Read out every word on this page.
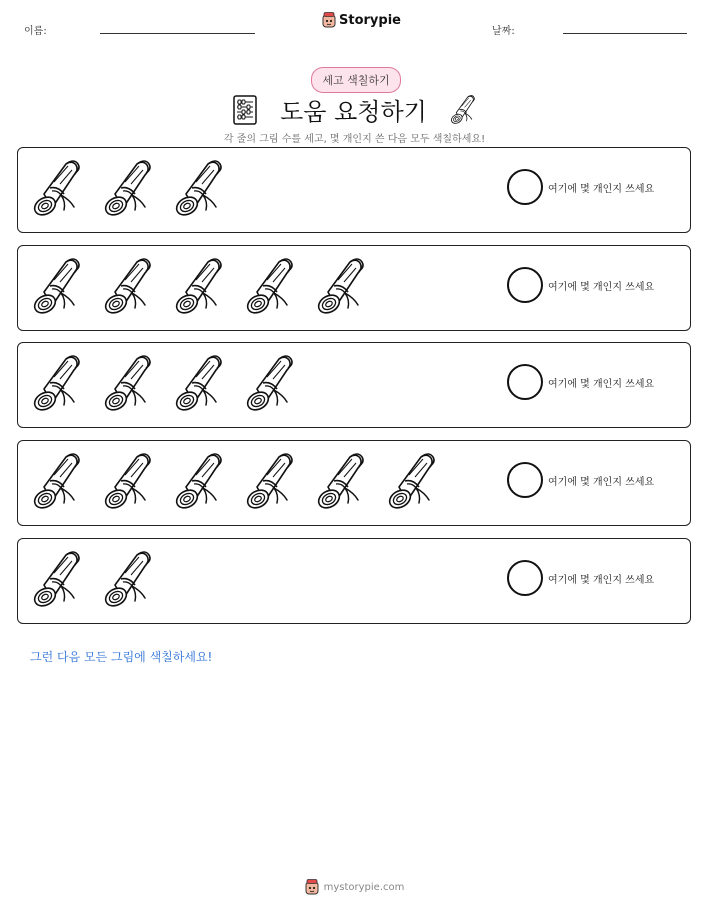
이름:
Storypie
날짜:
세고 색칠하기
도움 요청하기
각 줄의 그림 수를 세고, 몇 개인지 쓴 다음 모두 색칠하세요!
여기에 몇 개인지 쓰세요
여기에 몇 개인지 쓰세요
여기에 몇 개인지 쓰세요
여기에 몇 개인지 쓰세요
여기에 몇 개인지 쓰세요
그런 다음 모든 그림에 색칠하세요!
mystorypie.com
